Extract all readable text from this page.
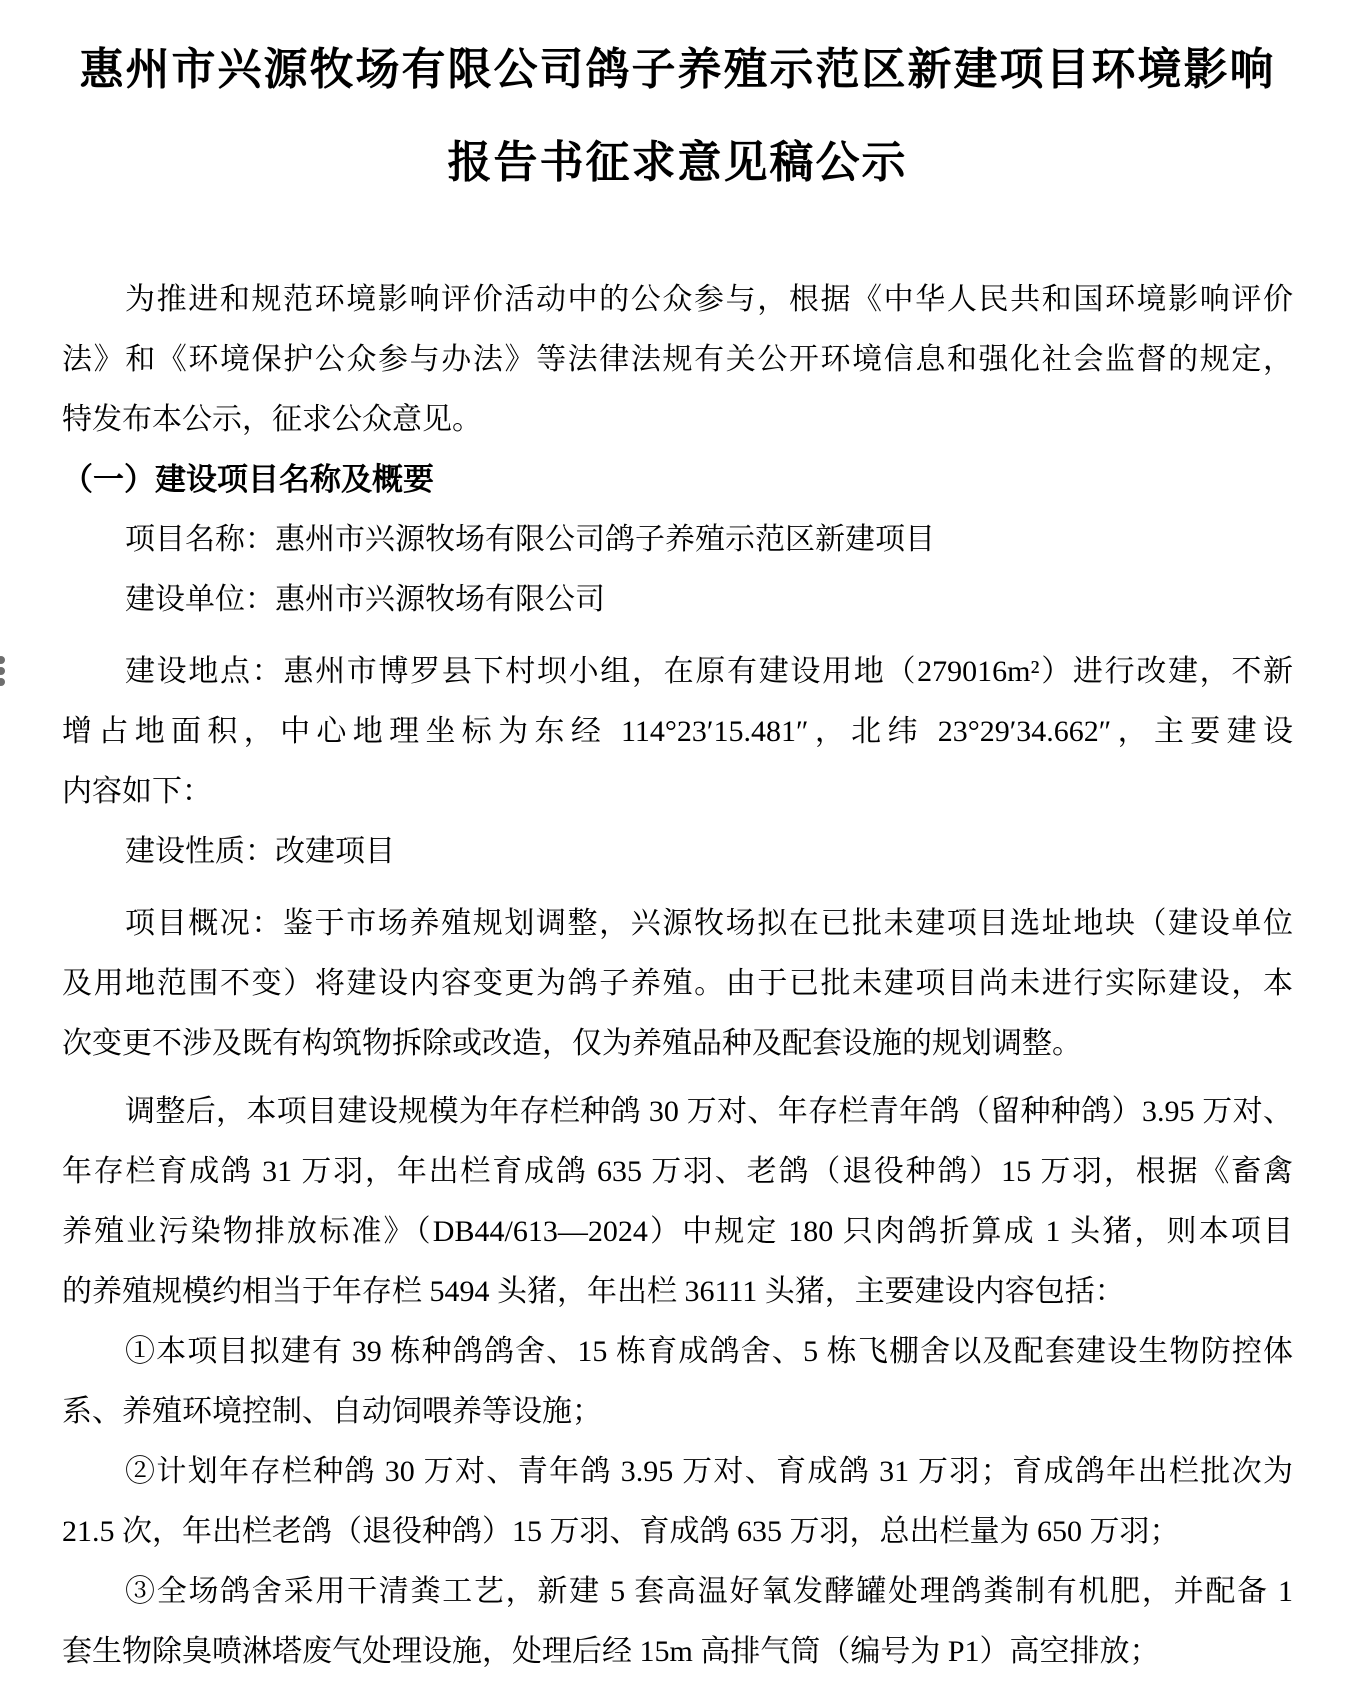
惠州市兴源牧场有限公司鸽子养殖示范区新建项目环境影响
报告书征求意见稿公示
为推进和规范环境影响评价活动中的公众参与，根据《中华人民共和国环境影响评价
法》和《环境保护公众参与办法》等法律法规有关公开环境信息和强化社会监督的规定，
特发布本公示，征求公众意见。
（一）建设项目名称及概要
项目名称：惠州市兴源牧场有限公司鸽子养殖示范区新建项目
建设单位：惠州市兴源牧场有限公司
建设地点：惠州市博罗县下村坝小组，在原有建设用地（279016m²）进行改建，不新
增占地面积，中心地理坐标为东经 114°23′15.481″，北纬 23°29′34.662″，主要建设
内容如下：
建设性质：改建项目
项目概况：鉴于市场养殖规划调整，兴源牧场拟在已批未建项目选址地块（建设单位
及用地范围不变）将建设内容变更为鸽子养殖。由于已批未建项目尚未进行实际建设，本
次变更不涉及既有构筑物拆除或改造，仅为养殖品种及配套设施的规划调整。
调整后，本项目建设规模为年存栏种鸽 30 万对、年存栏青年鸽（留种种鸽）3.95 万对、
年存栏育成鸽 31 万羽，年出栏育成鸽 635 万羽、老鸽（退役种鸽）15 万羽，根据《畜禽
养殖业污染物排放标准》（DB44/613—2024）中规定 180 只肉鸽折算成 1 头猪，则本项目
的养殖规模约相当于年存栏 5494 头猪，年出栏 36111 头猪，主要建设内容包括：
①本项目拟建有 39 栋种鸽鸽舍、15 栋育成鸽舍、5 栋飞棚舍以及配套建设生物防控体
系、养殖环境控制、自动饲喂养等设施；
②计划年存栏种鸽 30 万对、青年鸽 3.95 万对、育成鸽 31 万羽；育成鸽年出栏批次为
21.5 次，年出栏老鸽（退役种鸽）15 万羽、育成鸽 635 万羽，总出栏量为 650 万羽；
③全场鸽舍采用干清粪工艺，新建 5 套高温好氧发酵罐处理鸽粪制有机肥，并配备 1
套生物除臭喷淋塔废气处理设施，处理后经 15m 高排气筒（编号为 P1）高空排放；
